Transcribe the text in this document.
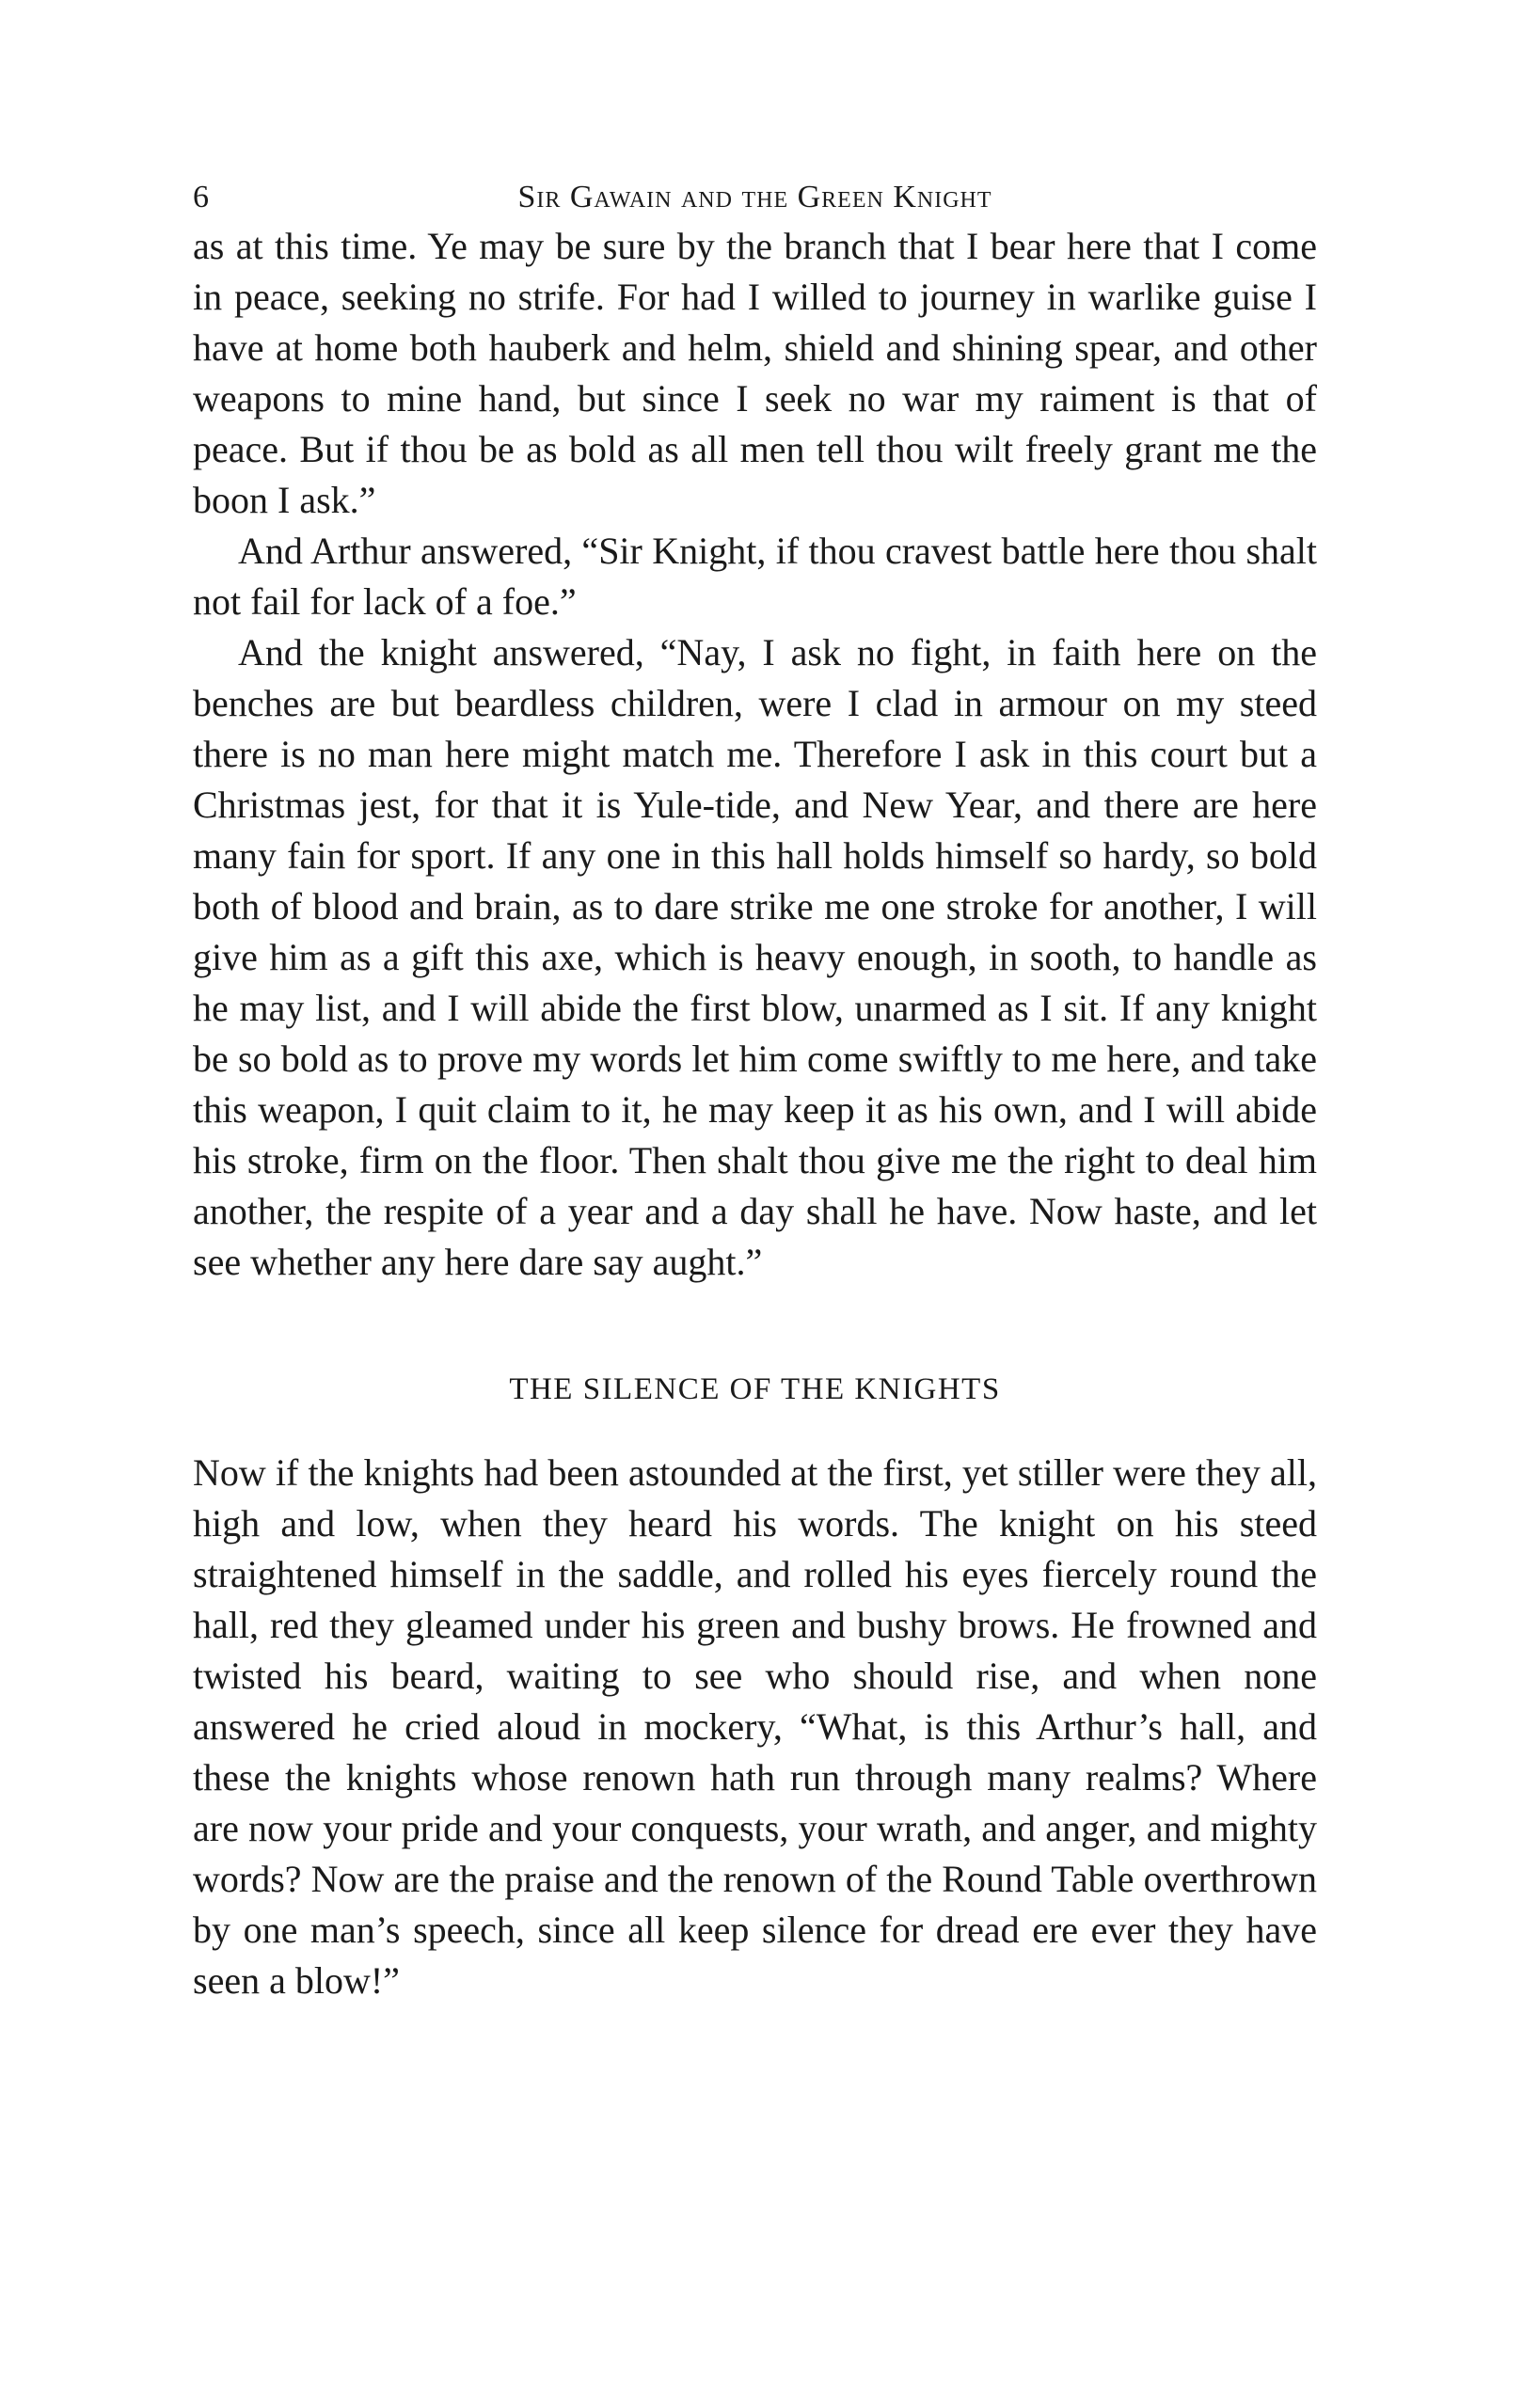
6	Sir Gawain and the Green Knight

as at this time. Ye may be sure by the branch that I bear here that I come in peace, seeking no strife. For had I willed to journey in warlike guise I have at home both hauberk and helm, shield and shining spear, and other weapons to mine hand, but since I seek no war my raiment is that of peace. But if thou be as bold as all men tell thou wilt freely grant me the boon I ask.”

And Arthur answered, “Sir Knight, if thou cravest battle here thou shalt not fail for lack of a foe.”

And the knight answered, “Nay, I ask no fight, in faith here on the benches are but beardless children, were I clad in armour on my steed there is no man here might match me. Therefore I ask in this court but a Christmas jest, for that it is Yule-tide, and New Year, and there are here many fain for sport. If any one in this hall holds himself so hardy, so bold both of blood and brain, as to dare strike me one stroke for another, I will give him as a gift this axe, which is heavy enough, in sooth, to handle as he may list, and I will abide the first blow, unarmed as I sit. If any knight be so bold as to prove my words let him come swiftly to me here, and take this weapon, I quit claim to it, he may keep it as his own, and I will abide his stroke, firm on the floor. Then shalt thou give me the right to deal him another, the respite of a year and a day shall he have. Now haste, and let see whether any here dare say aught.”

THE SILENCE OF THE KNIGHTS

Now if the knights had been astounded at the first, yet stiller were they all, high and low, when they heard his words. The knight on his steed straightened himself in the saddle, and rolled his eyes fiercely round the hall, red they gleamed under his green and bushy brows. He frowned and twisted his beard, waiting to see who should rise, and when none answered he cried aloud in mockery, “What, is this Arthur’s hall, and these the knights whose renown hath run through many realms? Where are now your pride and your conquests, your wrath, and anger, and mighty words? Now are the praise and the renown of the Round Table overthrown by one man’s speech, since all keep silence for dread ere ever they have seen a blow!”
